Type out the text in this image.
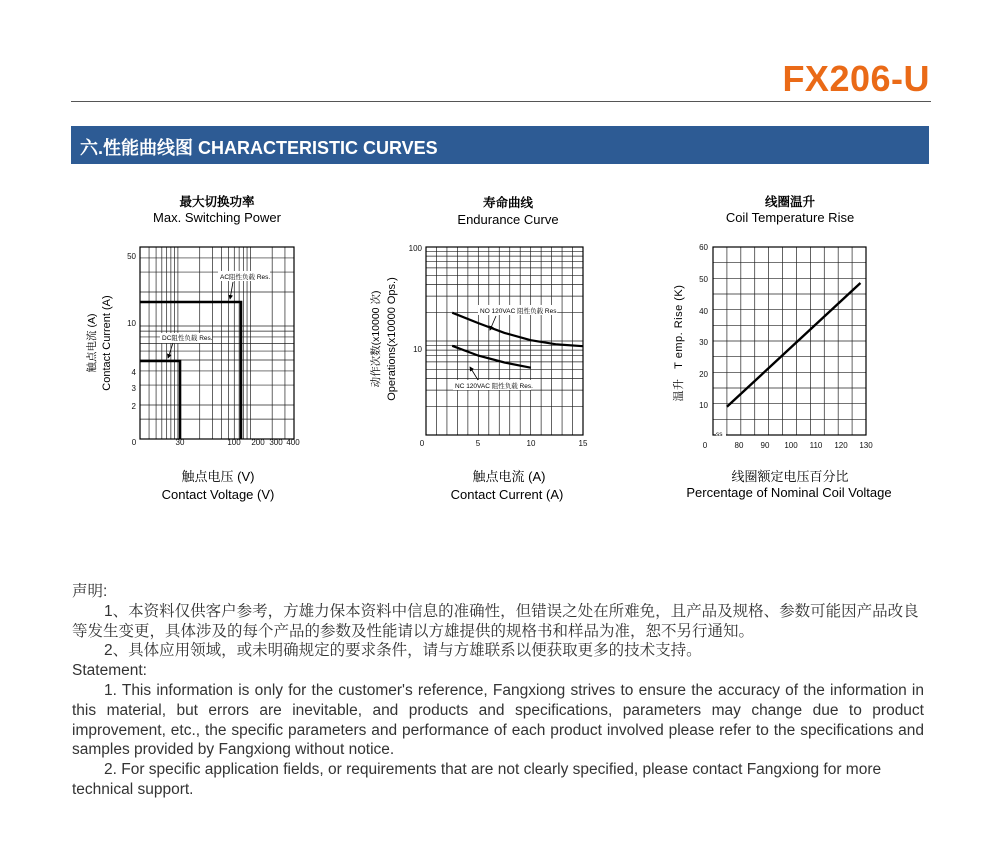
FX206-U
六.性能曲线图 CHARACTERISTIC CURVES
最大切换功率
Max. Switching Power
50
10
4
3
2
0	30	100 200 300 400
AC阻性负载 Res.
DC阻性负载 Res.
触点电流 (A) Contact Current (A)
触点电压 (V)
Contact Voltage (V)
寿命曲线
Endurance Curve
100
10
0	5	10	15
NO 120VAC 阻性负载 Res.
NC 120VAC 阻性负载 Res.
动作次数(x10000 次) Operations(x10000 Ops.)
触点电流 (A)
Contact Current (A)
线圈温升
Coil Temperature Rise
ss
60
50
40
30
20
10
0	80 90 100 110 120 130
温升 T emp. Rise (K)
线圈额定电压百分比
Percentage of Nominal Coil Voltage

声明:

1、本资料仅供客户参考，方雄力保本资料中信息的准确性，但错误之处在所难免，且产品及规格、参数可能因产品改良等发生变更，具体涉及的每个产品的参数及性能请以方雄提供的规格书和样品为准，恕不另行通知。

2、具体应用领域，或未明确规定的要求条件，请与方雄联系以便获取更多的技术支持。

Statement:

1. This information is only for the customer's reference, Fangxiong strives to ensure the accuracy of the information in this material, but errors are inevitable, and products and specifications, parameters may change due to product improvement, etc., the specific parameters and performance of each product involved please refer to the specifications and samples provided by Fangxiong without notice.

2. For specific application fields, or requirements that are not clearly specified, please contact Fangxiong for more technical support.
